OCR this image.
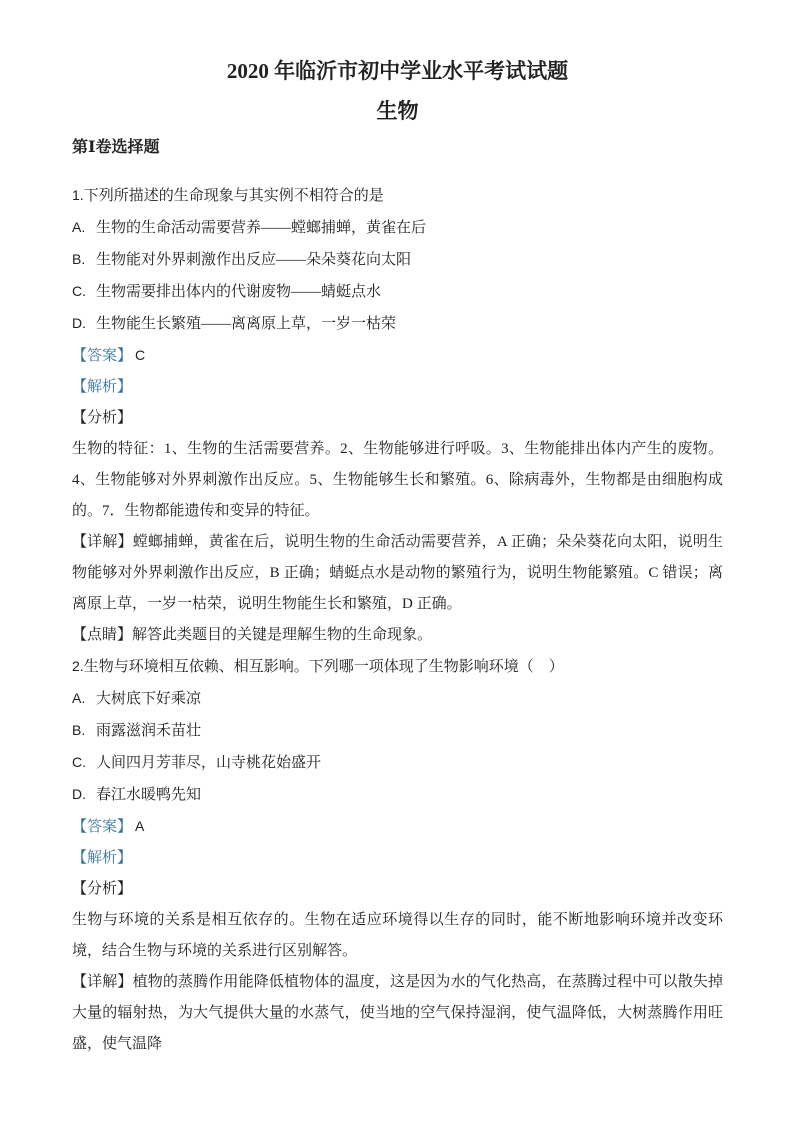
2020 年临沂市初中学业水平考试试题
生物
第Ⅰ卷选择题

1.下列所描述的生命现象与其实例不相符合的是

A. 生物的生命活动需要营养——螳螂捕蝉，黄雀在后

B. 生物能对外界刺激作出反应——朵朵葵花向太阳

C. 生物需要排出体内的代谢废物——蜻蜓点水

D. 生物能生长繁殖——离离原上草，一岁一枯荣

【答案】 C

【解析】

【分析】

生物的特征：1、生物的生活需要营养。2、生物能够进行呼吸。3、生物能排出体内产生的废物。4、生物能够对外界刺激作出反应。5、生物能够生长和繁殖。6、除病毒外，生物都是由细胞构成的。7．生物都能遗传和变异的特征。

【详解】螳螂捕蝉，黄雀在后，说明生物的生命活动需要营养，A 正确；朵朵葵花向太阳，说明生物能够对外界刺激作出反应，B 正确；蜻蜓点水是动物的繁殖行为，说明生物能繁殖。C 错误；离离原上草，一岁一枯荣，说明生物能生长和繁殖，D 正确。

【点睛】解答此类题目的关键是理解生物的生命现象。

2.生物与环境相互依赖、相互影响。下列哪一项体现了生物影响环境（　）

A. 大树底下好乘凉

B. 雨露滋润禾苗壮

C. 人间四月芳菲尽，山寺桃花始盛开

D. 春江水暖鸭先知

【答案】 A

【解析】

【分析】

生物与环境的关系是相互依存的。生物在适应环境得以生存的同时，能不断地影响环境并改变环境，结合生物与环境的关系进行区别解答。

【详解】植物的蒸腾作用能降低植物体的温度，这是因为水的气化热高，在蒸腾过程中可以散失掉大量的辐射热，为大气提供大量的水蒸气，使当地的空气保持湿润，使气温降低，大树蒸腾作用旺盛，使气温降
